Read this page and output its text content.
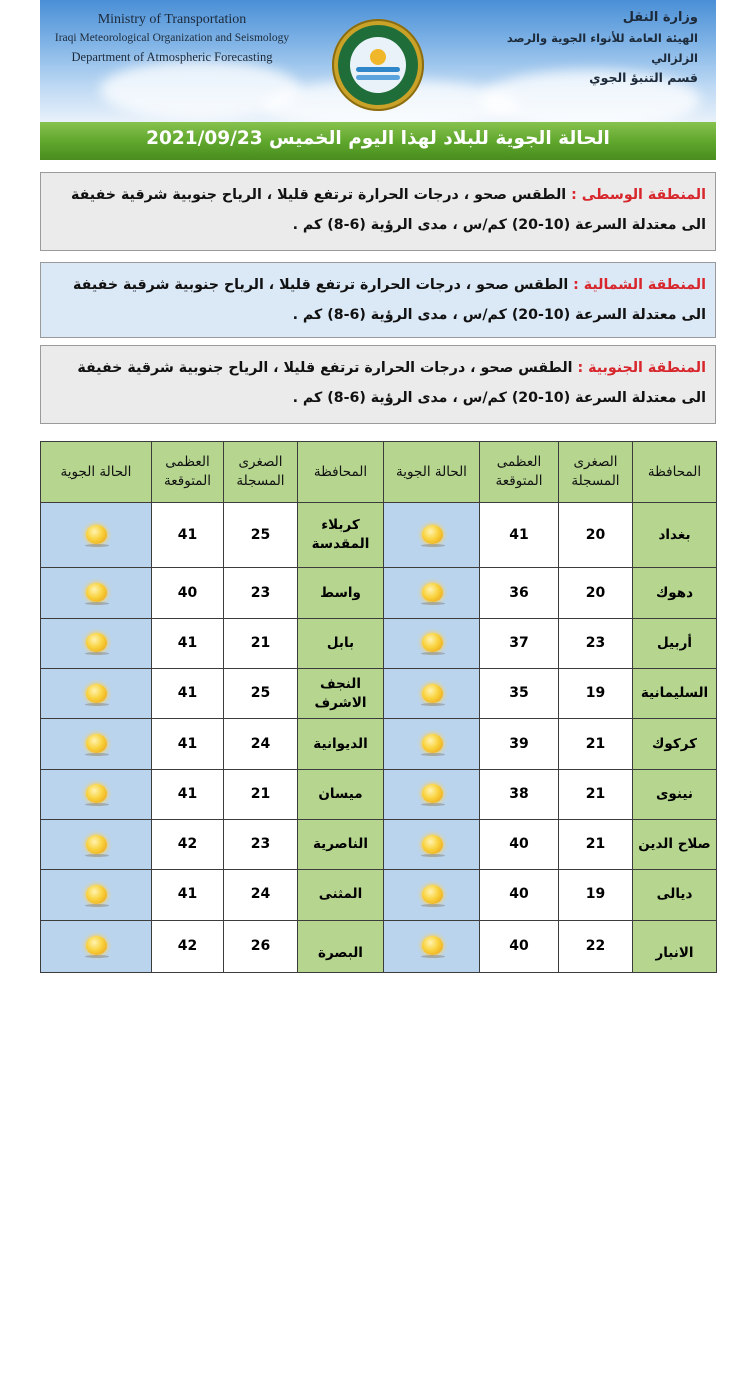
Ministry of Transportation
Iraqi Meteorological Organization and Seismology
Department of Atmospheric Forecasting
وزارة النقل
الهيئة العامة للأنواء الجوية والرصد الزلزالي
قسم التنبؤ الجوي
الحالة الجوية للبلاد لهذا اليوم الخميس 2021/09/23
المنطقة الوسطى : الطقس صحو ، درجات الحرارة ترتفع قليلا ، الرياح جنوبية شرقية خفيفة الى معتدلة السرعة (10-20) كم/س ، مدى الرؤية (6-8) كم .
المنطقة الشمالية : الطقس صحو ، درجات الحرارة ترتفع قليلا ، الرياح جنوبية شرقية خفيفة الى معتدلة السرعة (10-20) كم/س ، مدى الرؤية (6-8) كم .
المنطقة الجنوبية : الطقس صحو ، درجات الحرارة ترتفع قليلا ، الرياح جنوبية شرقية خفيفة الى معتدلة السرعة (10-20) كم/س ، مدى الرؤية (6-8) كم .
المحافظة	الصغرى المسجلة	العظمى المتوقعة	الحالة الجوية	المحافظة	الصغرى المسجلة	العظمى المتوقعة	الحالة الجوية
بغداد	20	41		كربلاء المقدسة	25	41	

دهوك	20	36		واسط	23	40	

أربيل	23	37		بابل	21	41	

السليمانية	19	35		النجف الاشرف	25	41	

كركوك	21	39		الديوانية	24	41	

نينوى	21	38		ميسان	21	41	

صلاح الدين	21	40		الناصرية	23	42	

ديالى	19	40		المثنى	24	41	

الانبار	22	40		البصرة	26	42	
IQ NEWS
